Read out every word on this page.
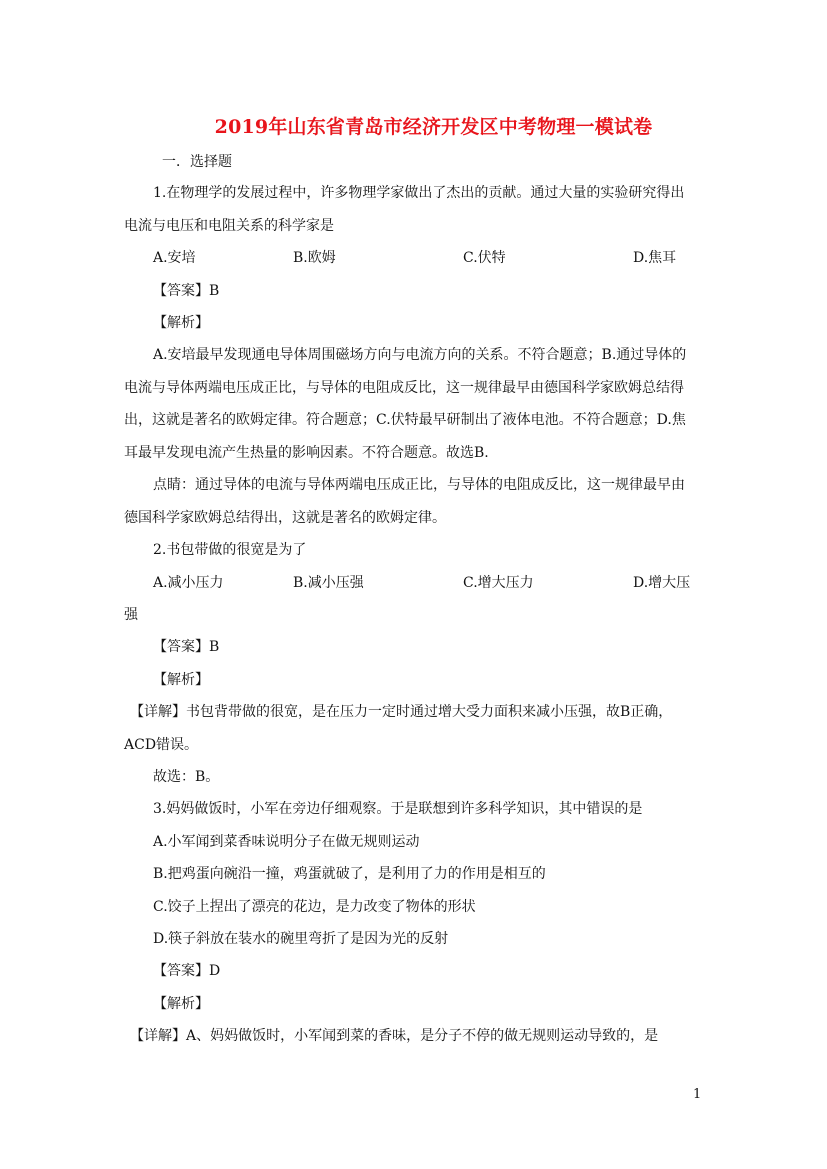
2019年山东省青岛市经济开发区中考物理一模试卷
一．选择题
1.在物理学的发展过程中，许多物理学家做出了杰出的贡献。通过大量的实验研究得出
电流与电压和电阻关系的科学家是
A.安培	B.欧姆	C.伏特	D.焦耳
【答案】B
【解析】
A.安培最早发现通电导体周围磁场方向与电流方向的关系。不符合题意；B.通过导体的
电流与导体两端电压成正比，与导体的电阻成反比，这一规律最早由德国科学家欧姆总结得
出，这就是著名的欧姆定律。符合题意；C.伏特最早研制出了液体电池。不符合题意；D.焦
耳最早发现电流产生热量的影响因素。不符合题意。故选B.
点睛：通过导体的电流与导体两端电压成正比，与导体的电阻成反比，这一规律最早由
德国科学家欧姆总结得出，这就是著名的欧姆定律。
2.书包带做的很宽是为了
A.减小压力	B.减小压强	C.增大压力	D.增大压
强
【答案】B
【解析】
【详解】书包背带做的很宽，是在压力一定时通过增大受力面积来减小压强，故B正确，
ACD错误。
故选：B。
3.妈妈做饭时，小军在旁边仔细观察。于是联想到许多科学知识，其中错误的是
A.小军闻到菜香味说明分子在做无规则运动
B.把鸡蛋向碗沿一撞，鸡蛋就破了，是利用了力的作用是相互的
C.饺子上捏出了漂亮的花边，是力改变了物体的形状
D.筷子斜放在装水的碗里弯折了是因为光的反射
【答案】D
【解析】
【详解】A、妈妈做饭时，小军闻到菜的香味，是分子不停的做无规则运动导致的，是
1
